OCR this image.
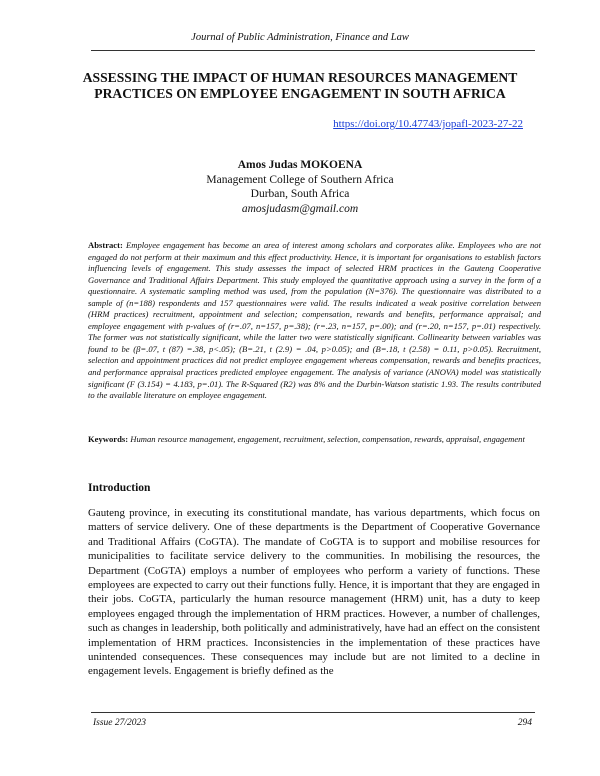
Journal of Public Administration, Finance and Law
ASSESSING THE IMPACT OF HUMAN RESOURCES MANAGEMENT PRACTICES ON EMPLOYEE ENGAGEMENT IN SOUTH AFRICA
https://doi.org/10.47743/jopafl-2023-27-22
Amos Judas MOKOENA
Management College of Southern Africa
Durban, South Africa
amosjudasm@gmail.com
Abstract: Employee engagement has become an area of interest among scholars and corporates alike. Employees who are not engaged do not perform at their maximum and this effect productivity. Hence, it is important for organisations to establish factors influencing levels of engagement. This study assesses the impact of selected HRM practices in the Gauteng Cooperative Governance and Traditional Affairs Department. This study employed the quantitative approach using a survey in the form of a questionnaire. A systematic sampling method was used, from the population (N=376). The questionnaire was distributed to a sample of (n=188) respondents and 157 questionnaires were valid. The results indicated a weak positive correlation between (HRM practices) recruitment, appointment and selection; compensation, rewards and benefits, performance appraisal; and employee engagement with p-values of (r=.07, n=157, p=.38); (r=.23, n=157, p=.00); and (r=.20, n=157, p=.01) respectively. The former was not statistically significant, while the latter two were statistically significant. Collinearity between variables was found to be (β=.07, t (87) =.38, p<.05); (B=.21, t (2.9) = .04, p>0.05); and (B=.18, t (2.58) = 0.11, p>0.05). Recruitment, selection and appointment practices did not predict employee engagement whereas compensation, rewards and benefits practices, and performance appraisal practices predicted employee engagement. The analysis of variance (ANOVA) model was statistically significant (F (3.154) = 4.183, p=.01). The R-Squared (R2) was 8% and the Durbin-Watson statistic 1.93. The results contributed to the available literature on employee engagement.
Keywords: Human resource management, engagement, recruitment, selection, compensation, rewards, appraisal, engagement
Introduction
Gauteng province, in executing its constitutional mandate, has various departments, which focus on matters of service delivery. One of these departments is the Department of Cooperative Governance and Traditional Affairs (CoGTA). The mandate of CoGTA is to support and mobilise resources for municipalities to facilitate service delivery to the communities. In mobilising the resources, the Department (CoGTA) employs a number of employees who perform a variety of functions. These employees are expected to carry out their functions fully. Hence, it is important that they are engaged in their jobs. CoGTA, particularly the human resource management (HRM) unit, has a duty to keep employees engaged through the implementation of HRM practices. However, a number of challenges, such as changes in leadership, both politically and administratively, have had an effect on the consistent implementation of HRM practices. Inconsistencies in the implementation of these practices have unintended consequences. These consequences may include but are not limited to a decline in engagement levels. Engagement is briefly defined as the
Issue 27/2023	294
